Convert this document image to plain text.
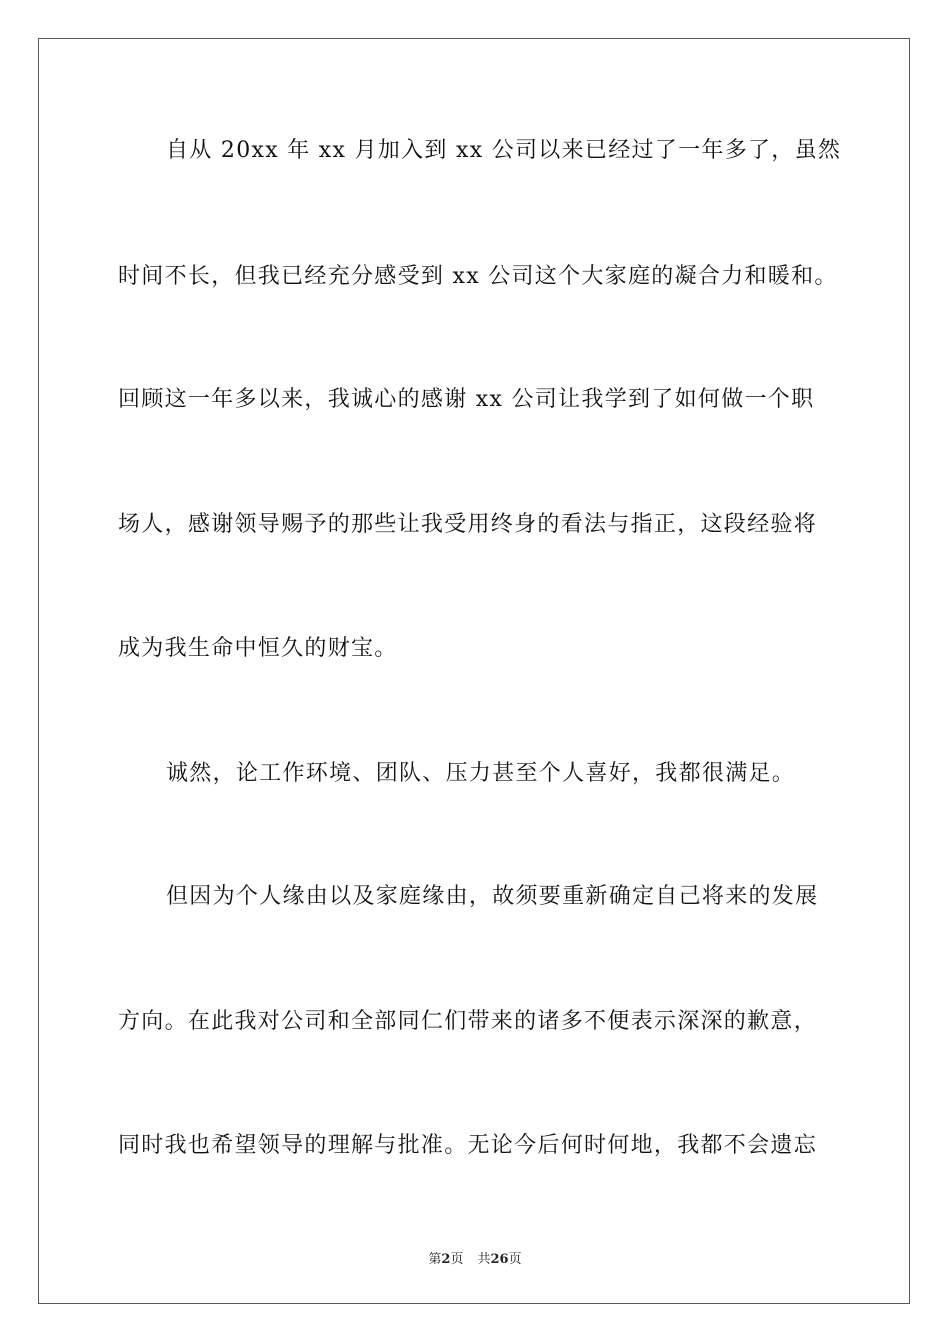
自从 20xx 年 xx 月加入到 xx 公司以来已经过了一年多了，虽然
时间不长，但我已经充分感受到 xx 公司这个大家庭的凝合力和暖和。
回顾这一年多以来，我诚心的感谢 xx 公司让我学到了如何做一个职
场人，感谢领导赐予的那些让我受用终身的看法与指正，这段经验将
成为我生命中恒久的财宝。
诚然，论工作环境、团队、压力甚至个人喜好，我都很满足。
但因为个人缘由以及家庭缘由，故须要重新确定自己将来的发展
方向。在此我对公司和全部同仁们带来的诸多不便表示深深的歉意，
同时我也希望领导的理解与批准。无论今后何时何地，我都不会遗忘
第2页 共26页
